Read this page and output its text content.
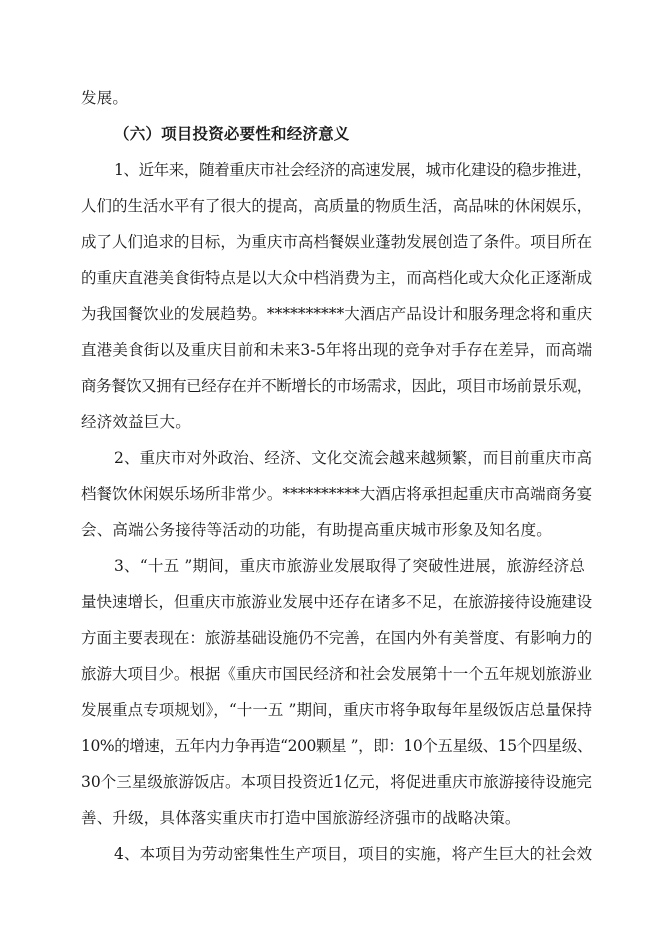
发展。
（六）项目投资必要性和经济意义
1、近年来，随着重庆市社会经济的高速发展，城市化建设的稳步推进，
人们的生活水平有了很大的提高，高质量的物质生活，高品味的休闲娱乐，
成了人们追求的目标，为重庆市高档餐娱业蓬勃发展创造了条件。项目所在
的重庆直港美食街特点是以大众中档消费为主，而高档化或大众化正逐渐成
为我国餐饮业的发展趋势。**********大酒店产品设计和服务理念将和重庆
直港美食街以及重庆目前和未来3-5年将出现的竞争对手存在差异，而高端
商务餐饮又拥有已经存在并不断增长的市场需求，因此，项目市场前景乐观，
经济效益巨大。
2、重庆市对外政治、经济、文化交流会越来越频繁，而目前重庆市高
档餐饮休闲娱乐场所非常少。**********大酒店将承担起重庆市高端商务宴
会、高端公务接待等活动的功能，有助提高重庆城市形象及知名度。
3、“十五 ”期间，重庆市旅游业发展取得了突破性进展，旅游经济总
量快速增长，但重庆市旅游业发展中还存在诸多不足，在旅游接待设施建设
方面主要表现在：旅游基础设施仍不完善，在国内外有美誉度、有影响力的
旅游大项目少。根据《重庆市国民经济和社会发展第十一个五年规划旅游业
发展重点专项规划》，“十一五 ”期间，重庆市将争取每年星级饭店总量保持
10%的增速，五年内力争再造“200颗星 ”，即：10个五星级、15个四星级、
30个三星级旅游饭店。本项目投资近1亿元，将促进重庆市旅游接待设施完
善、升级，具体落实重庆市打造中国旅游经济强市的战略决策。
4、本项目为劳动密集性生产项目，项目的实施，将产生巨大的社会效
